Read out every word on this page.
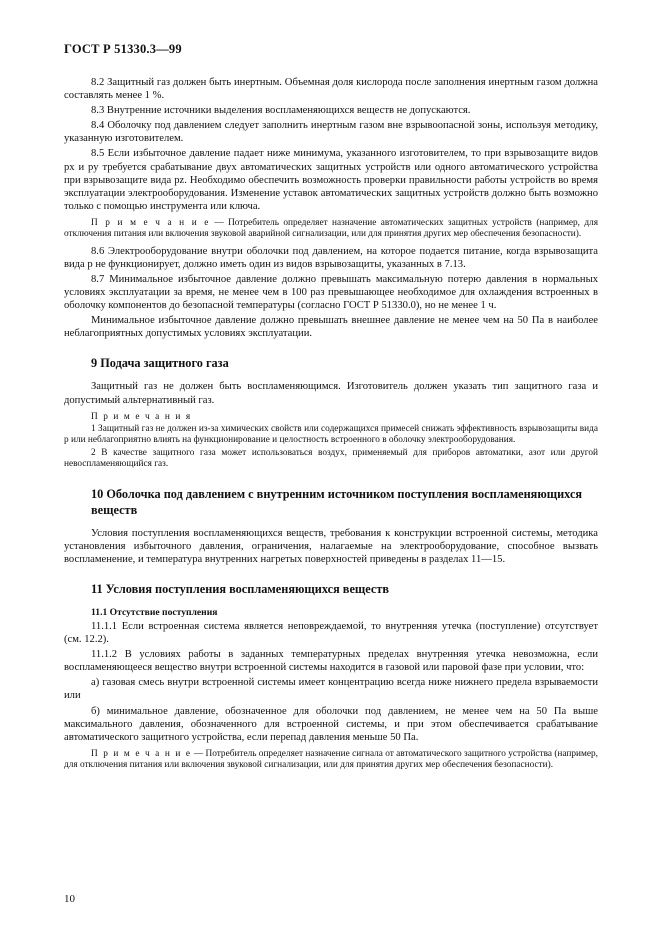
ГОСТ Р 51330.3—99

8.2 Защитный газ должен быть инертным. Объемная доля кислорода после заполнения инертным газом должна составлять менее 1 %.

8.3 Внутренние источники выделения воспламеняющихся веществ не допускаются.

8.4 Оболочку под давлением следует заполнить инертным газом вне взрывоопасной зоны, используя методику, указанную изготовителем.

8.5 Если избыточное давление падает ниже минимума, указанного изготовителем, то при взрывозащите видов px и py требуется срабатывание двух автоматических защитных устройств или одного автоматического устройства при взрывозащите вида pz. Необходимо обеспечить возможность проверки правильности работы устройств во время эксплуатации электрооборудования. Изменение уставок автоматических защитных устройств должно быть возможно только с помощью инструмента или ключа.

П р и м е ч а н и е — Потребитель определяет назначение автоматических защитных устройств (например, для отключения питания или включения звуковой аварийной сигнализации, или для принятия других мер обеспечения безопасности).

8.6 Электрооборудование внутри оболочки под давлением, на которое подается питание, когда взрывозащита вида p не функционирует, должно иметь один из видов взрывозащиты, указанных в 7.13.

8.7 Минимальное избыточное давление должно превышать максимальную потерю давления в нормальных условиях эксплуатации за время, не менее чем в 100 раз превышающее необходимое для охлаждения встроенных в оболочку компонентов до безопасной температуры (согласно ГОСТ Р 51330.0), но не менее 1 ч.

Минимальное избыточное давление должно превышать внешнее давление не менее чем на 50 Па в наиболее неблагоприятных допустимых условиях эксплуатации.

9 Подача защитного газа

Защитный газ не должен быть воспламеняющимся. Изготовитель должен указать тип защитного газа и допустимый альтернативный газ.

П р и м е ч а н и я

1 Защитный газ не должен из-за химических свойств или содержащихся примесей снижать эффективность взрывозащиты вида p или неблагоприятно влиять на функционирование и целостность встроенного в оболочку электрооборудования.

2 В качестве защитного газа может использоваться воздух, применяемый для приборов автоматики, азот или другой невоспламеняющийся газ.

10 Оболочка под давлением с внутренним источником поступления воспламеняющихся веществ

Условия поступления воспламеняющихся веществ, требования к конструкции встроенной системы, методика установления избыточного давления, ограничения, налагаемые на электрооборудование, способное вызвать воспламенение, и температура внутренних нагретых поверхностей приведены в разделах 11—15.

11 Условия поступления воспламеняющихся веществ
11.1 Отсутствие поступления

11.1.1 Если встроенная система является неповреждаемой, то внутренняя утечка (поступление) отсутствует (см. 12.2).

11.1.2 В условиях работы в заданных температурных пределах внутренняя утечка невозможна, если воспламеняющееся вещество внутри встроенной системы находится в газовой или паровой фазе при условии, что:

а) газовая смесь внутри встроенной системы имеет концентрацию всегда ниже нижнего предела взрываемости или

б) минимальное давление, обозначенное для оболочки под давлением, не менее чем на 50 Па выше максимального давления, обозначенного для встроенной системы, и при этом обеспечивается срабатывание автоматического защитного устройства, если перепад давления меньше 50 Па.

П р и м е ч а н и е — Потребитель определяет назначение сигнала от автоматического защитного устройства (например, для отключения питания или включения звуковой сигнализации, или для принятия других мер обеспечения безопасности).

10
